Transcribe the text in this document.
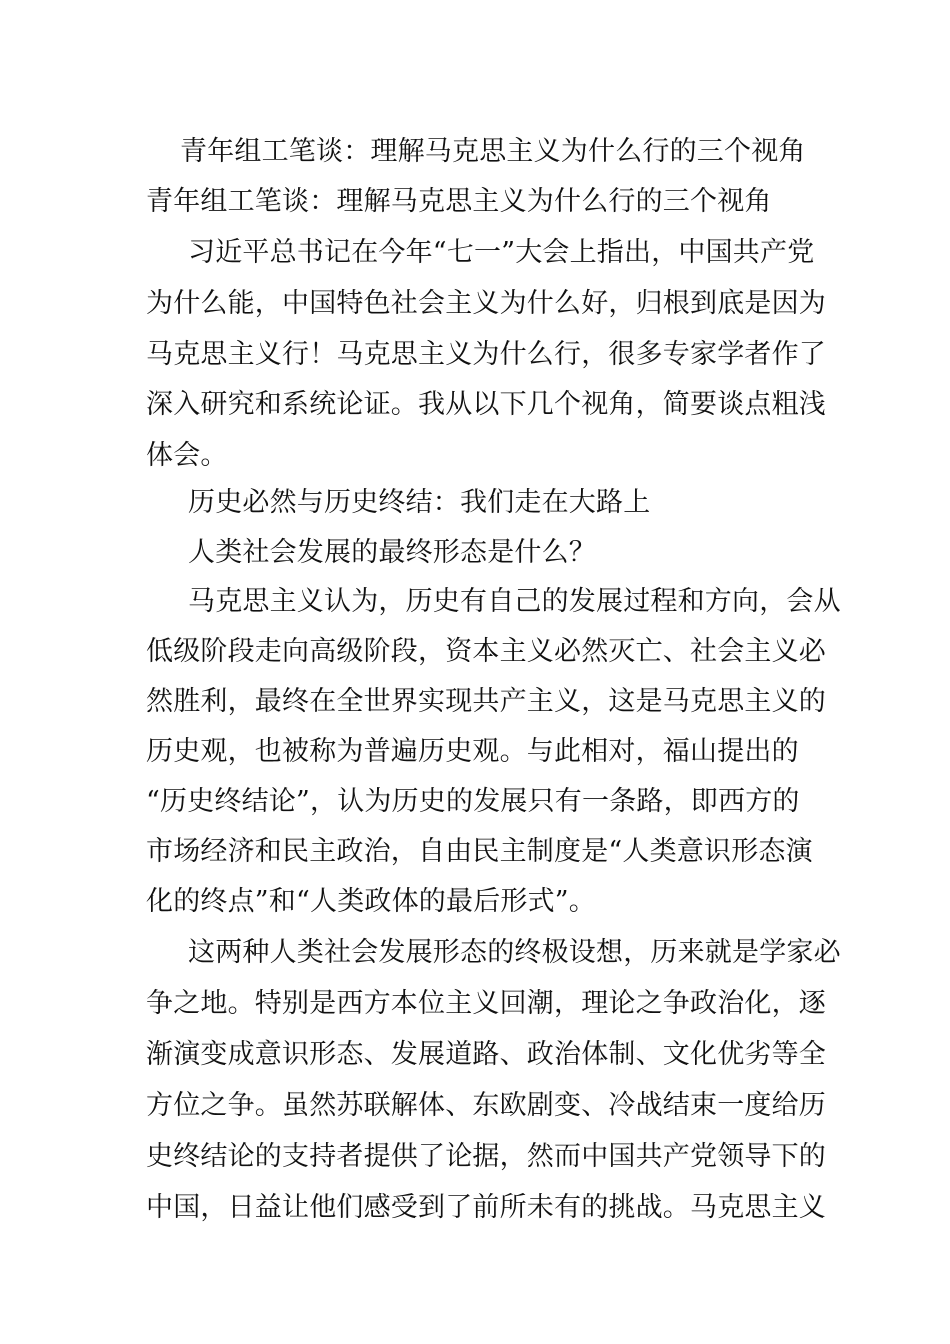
青年组工笔谈：理解马克思主义为什么行的三个视角
青年组工笔谈：理解马克思主义为什么行的三个视角
习近平总书记在今年“七一”大会上指出，中国共产党
为什么能，中国特色社会主义为什么好，归根到底是因为
马克思主义行！马克思主义为什么行，很多专家学者作了
深入研究和系统论证。我从以下几个视角，简要谈点粗浅
体会。
历史必然与历史终结：我们走在大路上
人类社会发展的最终形态是什么？
马克思主义认为，历史有自己的发展过程和方向，会从
低级阶段走向高级阶段，资本主义必然灭亡、社会主义必
然胜利，最终在全世界实现共产主义，这是马克思主义的
历史观，也被称为普遍历史观。与此相对，福山提出的
“历史终结论”，认为历史的发展只有一条路，即西方的
市场经济和民主政治，自由民主制度是“人类意识形态演
化的终点”和“人类政体的最后形式”。
这两种人类社会发展形态的终极设想，历来就是学家必
争之地。特别是西方本位主义回潮，理论之争政治化，逐
渐演变成意识形态、发展道路、政治体制、文化优劣等全
方位之争。虽然苏联解体、东欧剧变、冷战结束一度给历
史终结论的支持者提供了论据，然而中国共产党领导下的
中国，日益让他们感受到了前所未有的挑战。马克思主义
